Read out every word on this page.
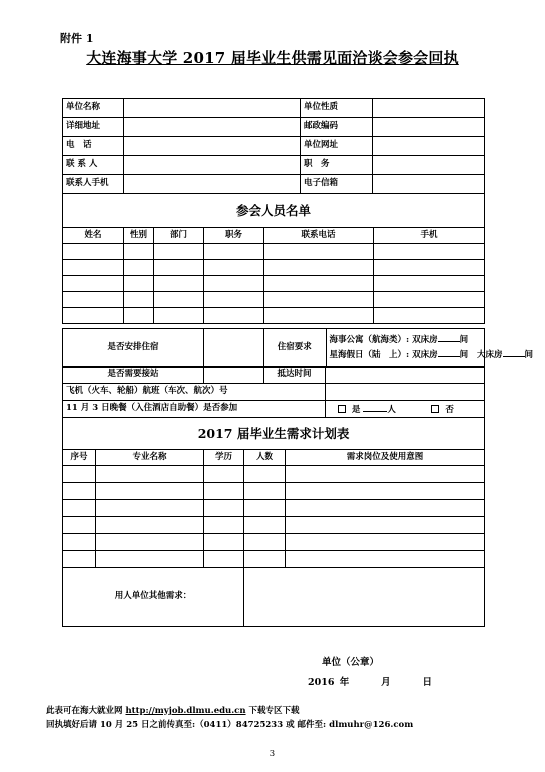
附件 1
大连海事大学 2017 届毕业生供需见面洽谈会参会回执
单位名称		单位性质	
详细地址		邮政编码	
电　话		单位网址	
联 系 人		职　务	
联系人手机		电子信箱	
参会人员名单					
姓名	性别	部门	职务	联系电话	手机

是否安排住宿			住宿要求	
海事公寓（航海类）: 双床房	间
星海假日（陆　上）: 双床房	间 大床房	间
是否需要接站		抵达时间	
飞机（火车、轮船）航班（车次、航次）号			
11 月 3 日晚餐（入住酒店自助餐）是否参加			是 人 否
2017 届毕业生需求计划表				
序号	专业名称	学历	人数	需求岗位及使用意图

用人单位其他需求：				
单位（公章）
2016 年	月	日
此表可在海大就业网 http://myjob.dlmu.edu.cn 下载专区下载
回执填好后请 10 月 25 日之前传真至:（0411）84725233 或 邮件至: dlmuhr@126.com
3
